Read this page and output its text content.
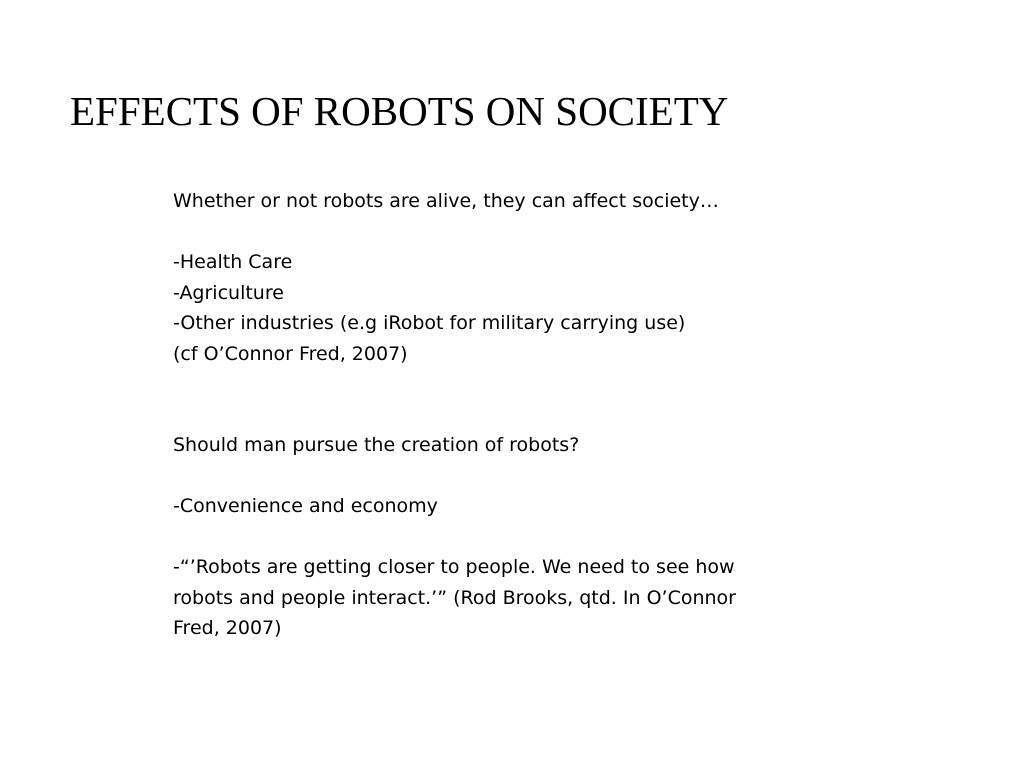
EFFECTS OF ROBOTS ON SOCIETY
Whether or not robots are alive, they can affect society…
-Health Care
-Agriculture
-Other industries (e.g iRobot for military carrying use)
(cf O’Connor Fred, 2007)
Should man pursue the creation of robots?
-Convenience and economy
-“’Robots are getting closer to people. We need to see how
robots and people interact.’” (Rod Brooks, qtd. In O’Connor
Fred, 2007)
